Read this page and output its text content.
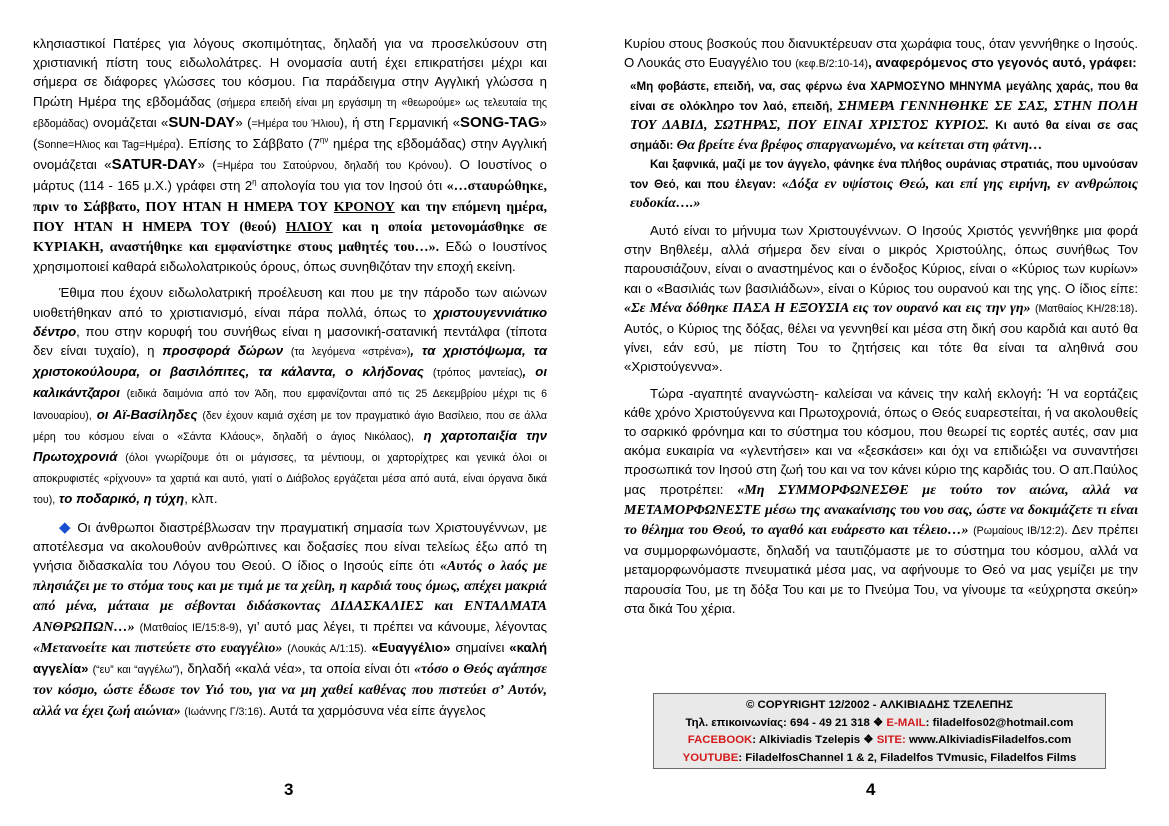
κλησιαστικοί Πατέρες για λόγους σκοπιμότητας, δηλαδή για να προσελκύσουν στη χριστιανική πίστη τους ειδωλολάτρες. Η ονομασία αυτή έχει επικρατήσει μέχρι και σήμερα σε διάφορες γλώσσες του κόσμου. Για παράδειγμα στην Αγγλική γλώσσα η Πρώτη Ημέρα της εβδομάδας (σήμερα επειδή είναι μη εργάσιμη τη «θεωρούμε» ως τελευταία της εβδομάδας) ονομάζεται «SUN-DAY» (=Ημέρα του Ήλιου), ή στη Γερμανική «SONG-TAG» (Sonne=Ηλιος και Tag=Ημέρα). Επίσης το Σάββατο ($7^{\eta\nu}$ ημέρα της εβδομάδας) στην Αγγλική ονομάζεται «SATUR-DAY» (=Ημέρα του Σατούρνου, δηλαδή του Κρόνου). Ο Ιουστίνος ο μάρτυς (114 - 165 μ.Χ.) γράφει στη $2^\eta$ απολογία του για τον Ιησού ότι «…σταυρώθηκε, πριν το Σάββατο, ΠΟΥ ΗΤΑΝ Η ΗΜΕΡΑ ΤΟΥ ΚΡΟΝΟΥ και την επόμενη ημέρα, ΠΟΥ ΗΤΑΝ Η ΗΜΕΡΑ ΤΟΥ (θεού) ΗΛΙΟΥ και η οποία μετονομάσθηκε σε ΚΥΡΙΑΚΗ, αναστήθηκε και εμφανίστηκε στους μαθητές του…». Εδώ ο Ιουστίνος χρησιμοποιεί καθαρά ειδωλολατρικούς όρους, όπως συνηθιζόταν την εποχή εκείνη.

Έθιμα που έχουν ειδωλολατρική προέλευση και που με την πάροδο των αιώνων υιοθετήθηκαν από το χριστιανισμό, είναι πάρα πολλά, όπως το χριστουγεννιάτικο δέντρο, που στην κορυφή του συνήθως είναι η μασονική-σατανική πεντάλφα (τίποτα δεν είναι τυχαίο), η προσφορά δώρων (τα λεγόμενα «στρένα»), τα χριστόψωμα, τα χριστοκούλουρα, οι βασιλόπιτες, τα κάλαντα, ο κλήδονας (τρόπος μαντείας), οι καλικάντζαροι (ειδικά δαιμόνια από τον Άδη, που εμφανίζονται από τις 25 Δεκεμβρίου μέχρι τις 6 Ιανουαρίου), οι Αϊ-Βασίληδες (δεν έχουν καμιά σχέση με τον πραγματικό άγιο Βασίλειο, που σε άλλα μέρη του κόσμου είναι ο «Σάντα Κλάους», δηλαδή ο άγιος Νικόλαος), η χαρτοπαιξία την Πρωτοχρονιά (όλοι γνωρίζουμε ότι οι μάγισσες, τα μέντιουμ, οι χαρτορίχτρες και γενικά όλοι οι αποκρυφιστές «ρίχνουν» τα χαρτιά και αυτό, γιατί ο Διάβολος εργάζεται μέσα από αυτά, είναι όργανα δικά του), το ποδαρικό, η τύχη, κλπ.

◆ Οι άνθρωποι διαστρέβλωσαν την πραγματική σημασία των Χριστουγέννων, με αποτέλεσμα να ακολουθούν ανθρώπινες και δοξασίες που είναι τελείως έξω από τη γνήσια διδασκαλία του Λόγου του Θεού. Ο ίδιος ο Ιησούς είπε ότι «Αυτός ο λαός με πλησιάζει με το στόμα τους και με τιμά με τα χείλη, η καρδιά τους όμως, απέχει μακριά από μένα, μάταια με σέβονται διδάσκοντας ΔΙΔΑΣΚΑΛΙΕΣ και ΕΝΤΑΛΜΑΤΑ ΑΝΘΡΩΠΩΝ…» (Ματθαίος ΙΕ/15:8-9), γι’ αυτό μας λέγει, τι πρέπει να κάνουμε, λέγοντας «Μετανοείτε και πιστεύετε στο ευαγγέλιο» (Λουκάς Α/1:15). «Ευαγγέλιο» σημαίνει «καλή αγγελία» (“ευ” και “αγγέλω”), δηλαδή «καλά νέα», τα οποία είναι ότι «τόσο ο Θεός αγάπησε τον κόσμο, ώστε έδωσε τον Υιό του, για να μη χαθεί καθένας που πιστεύει σ’ Αυτόν, αλλά να έχει ζωή αιώνια» (Ιωάννης Γ/3:16). Αυτά τα χαρμόσυνα νέα είπε άγγελος

3

Κυρίου στους βοσκούς που διανυκτέρευαν στα χωράφια τους, όταν γεννήθηκε ο Ιησούς. Ο Λουκάς στο Ευαγγέλιο του (κεφ.Β/2:10-14), αναφερόμενος στο γεγονός αυτό, γράφει:

«Μη φοβάστε, επειδή, να, σας φέρνω ένα ΧΑΡΜΟΣΥΝΟ ΜΗΝΥΜΑ μεγάλης χαράς, που θα είναι σε ολόκληρο τον λαό, επειδή, ΣΗΜΕΡΑ ΓΕΝΝΗΘΗΚΕ ΣΕ ΣΑΣ, ΣΤΗΝ ΠΟΛΗ ΤΟΥ ΔΑΒΙΔ, ΣΩΤΗΡΑΣ, ΠΟΥ ΕΙΝΑΙ ΧΡΙΣΤΟΣ ΚΥΡΙΟΣ. Κι αυτό θα είναι σε σας σημάδι: Θα βρείτε ένα βρέφος σπαργανωμένο, να κείτεται στη φάτνη…

Και ξαφνικά, μαζί με τον άγγελο, φάνηκε ένα πλήθος ουράνιας στρατιάς, που υμνούσαν τον Θεό, και που έλεγαν: «Δόξα εν υψίστοις Θεώ, και επί γης ειρήνη, εν ανθρώποις ευδοκία….»

Αυτό είναι το μήνυμα των Χριστουγέννων. Ο Ιησούς Χριστός γεννήθηκε μια φορά στην Βηθλεέμ, αλλά σήμερα δεν είναι ο μικρός Χριστούλης, όπως συνήθως Τον παρουσιάζουν, είναι ο αναστημένος και ο ένδοξος Κύριος, είναι ο «Κύριος των κυρίων» και ο «Βασιλιάς των βασιλιάδων», είναι ο Κύριος του ουρανού και της γης. Ο ίδιος είπε: «Σε Μένα δόθηκε ΠΑΣΑ Η ΕΞΟΥΣΙΑ εις τον ουρανό και εις την γη» (Ματθαίος ΚΗ/28:18). Αυτός, ο Κύριος της δόξας, θέλει να γεννηθεί και μέσα στη δική σου καρδιά και αυτό θα γίνει, εάν εσύ, με πίστη Του το ζητήσεις και τότε θα είναι τα αληθινά σου «Χριστούγεννα».

Τώρα -αγαπητέ αναγνώστη- καλείσαι να κάνεις την καλή εκλογή: Ή να εορτάζεις κάθε χρόνο Χριστούγεννα και Πρωτοχρονιά, όπως ο Θεός ευαρεστείται, ή να ακολουθείς το σαρκικό φρόνημα και το σύστημα του κόσμου, που θεωρεί τις εορτές αυτές, σαν μια ακόμα ευκαιρία να «γλεντήσει» και να «ξεσκάσει» και όχι να επιδιώξει να συναντήσει προσωπικά τον Ιησού στη ζωή του και να τον κάνει κύριο της καρδιάς του. Ο απ.Παύλος μας προτρέπει: «Μη ΣΥΜΜΟΡΦΩΝΕΣΘΕ με τούτο τον αιώνα, αλλά να ΜΕΤΑΜΟΡΦΩΝΕΣΤΕ μέσω της ανακαίνισης του νου σας, ώστε να δοκιμάζετε τι είναι το θέλημα του Θεού, το αγαθό και ευάρεστο και τέλειο…» (Ρωμαίους ΙΒ/12:2). Δεν πρέπει να συμμορφωνόμαστε, δηλαδή να ταυτιζόμαστε με το σύστημα του κόσμου, αλλά να μεταμορφωνόμαστε πνευματικά μέσα μας, να αφήνουμε το Θεό να μας γεμίζει με την παρουσία Του, με τη δόξα Του και με το Πνεύμα Του, να γίνουμε τα «εύχρηστα σκεύη» στα δικά Του χέρια.

© COPYRIGHT 12/2002 - ΑΛΚΙΒΙΑΔΗΣ ΤΖΕΛΕΠΗΣ
Τηλ. επικοινωνίας: 694 - 49 21 318 ❖ E-MAIL: filadelfos02@hotmail.com
FACEBOOK: Alkiviadis Tzelepis ❖ SITE: www.AlkiviadisFiladelfos.com
YOUTUBE: FiladelfosChannel 1 & 2, Filadelfos TVmusic, Filadelfos Films
4
